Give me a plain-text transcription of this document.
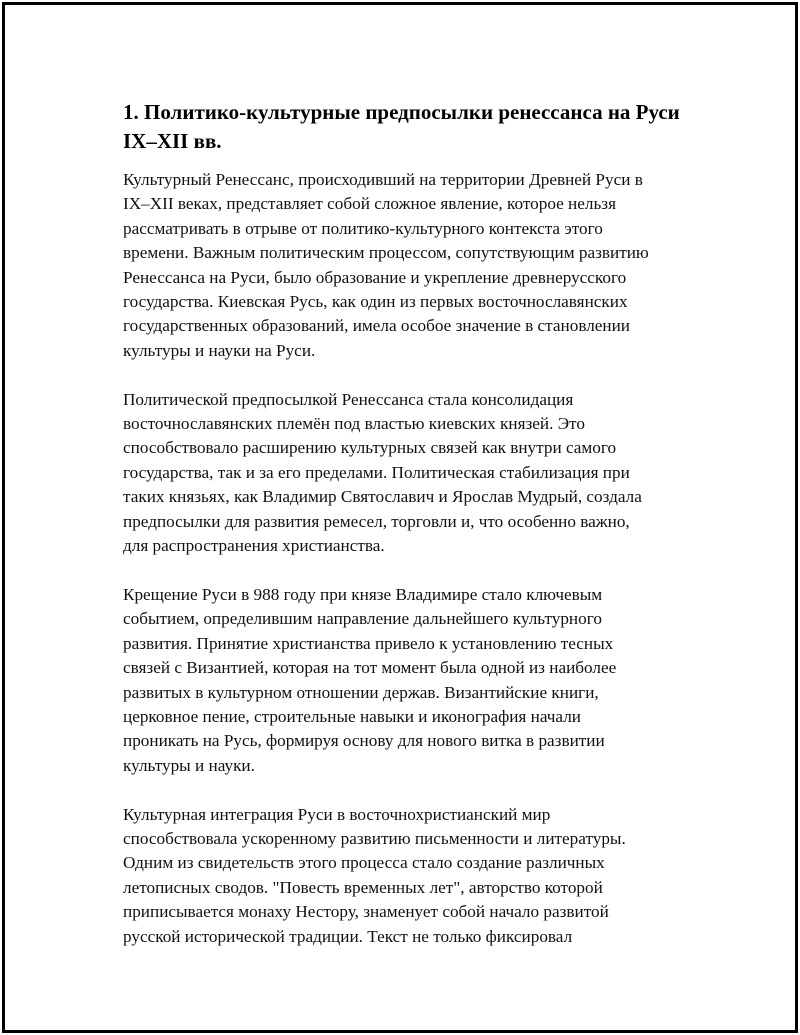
1. Политико-культурные предпосылки ренессанса на Руси
IX–XII вв.

Культурный Ренессанс, происходивший на территории Древней Руси в
IX–XII веках, представляет собой сложное явление, которое нельзя
рассматривать в отрыве от политико-культурного контекста этого
времени. Важным политическим процессом, сопутствующим развитию
Ренессанса на Руси, было образование и укрепление древнерусского
государства. Киевская Русь, как один из первых восточнославянских
государственных образований, имела особое значение в становлении
культуры и науки на Руси.

Политической предпосылкой Ренессанса стала консолидация
восточнославянских племён под властью киевских князей. Это
способствовало расширению культурных связей как внутри самого
государства, так и за его пределами. Политическая стабилизация при
таких князьях, как Владимир Святославич и Ярослав Мудрый, создала
предпосылки для развития ремесел, торговли и, что особенно важно,
для распространения христианства.

Крещение Руси в 988 году при князе Владимире стало ключевым
событием, определившим направление дальнейшего культурного
развития. Принятие христианства привело к установлению тесных
связей с Византией, которая на тот момент была одной из наиболее
развитых в культурном отношении держав. Византийские книги,
церковное пение, строительные навыки и иконография начали
проникать на Русь, формируя основу для нового витка в развитии
культуры и науки.

Культурная интеграция Руси в восточнохристианский мир
способствовала ускоренному развитию письменности и литературы.
Одним из свидетельств этого процесса стало создание различных
летописных сводов. "Повесть временных лет", авторство которой
приписывается монаху Нестору, знаменует собой начало развитой
русской исторической традиции. Текст не только фиксировал
